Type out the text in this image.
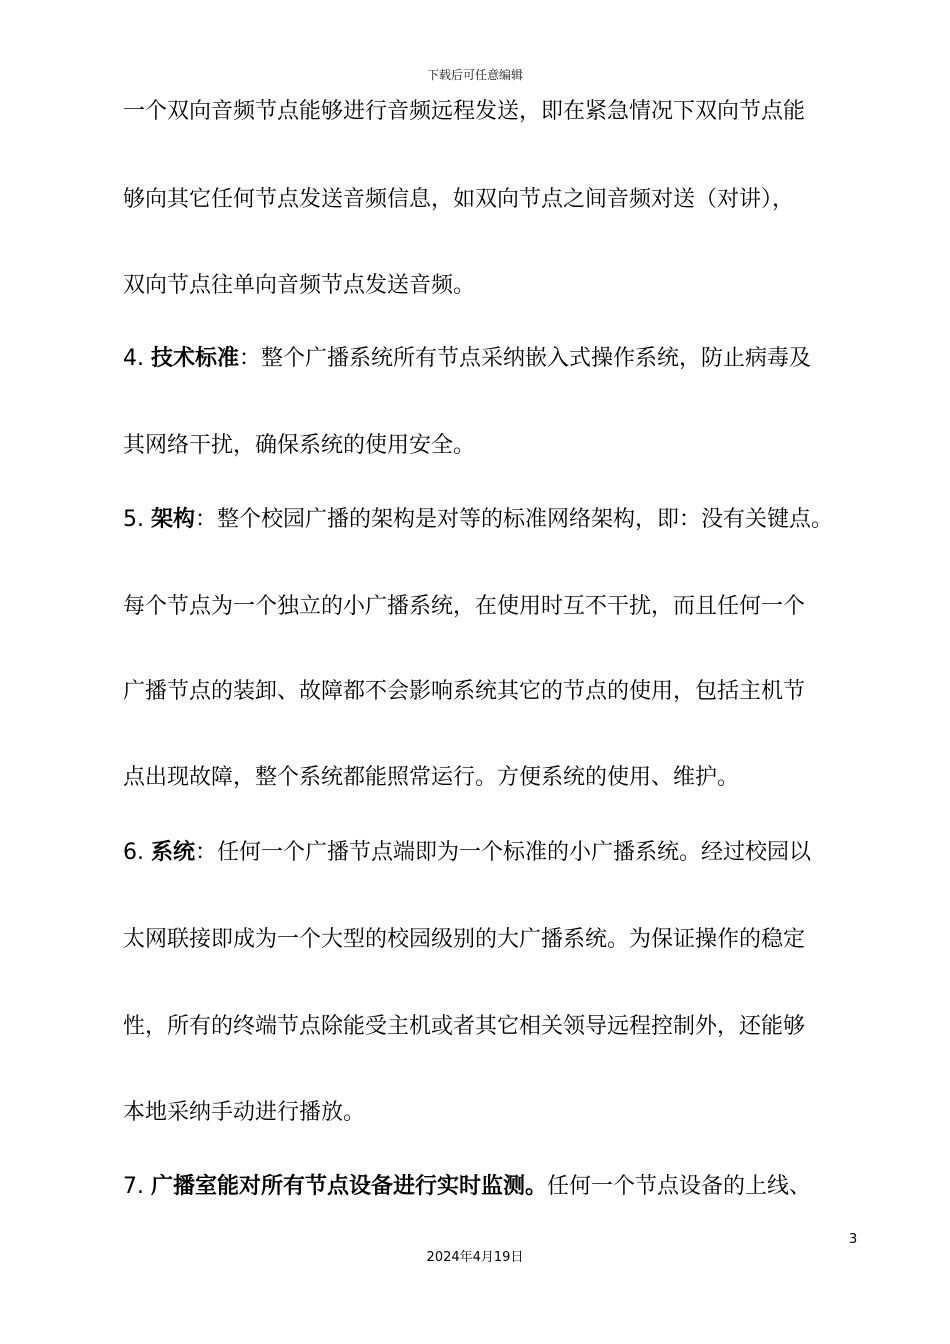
下载后可任意编辑
一个双向音频节点能够进行音频远程发送，即在紧急情况下双向节点能
够向其它任何节点发送音频信息，如双向节点之间音频对送（对讲），
双向节点往单向音频节点发送音频。
4. 技术标准：整个广播系统所有节点采纳嵌入式操作系统，防止病毒及
其网络干扰，确保系统的使用安全。
5. 架构：整个校园广播的架构是对等的标准网络架构，即：没有关键点。
每个节点为一个独立的小广播系统，在使用时互不干扰，而且任何一个
广播节点的装卸、故障都不会影响系统其它的节点的使用，包括主机节
点出现故障，整个系统都能照常运行。方便系统的使用、维护。
6. 系统：任何一个广播节点端即为一个标准的小广播系统。经过校园以
太网联接即成为一个大型的校园级别的大广播系统。为保证操作的稳定
性，所有的终端节点除能受主机或者其它相关领导远程控制外，还能够
本地采纳手动进行播放。
7. 广播室能对所有节点设备进行实时监测。任何一个节点设备的上线、
3
2024年4月19日
